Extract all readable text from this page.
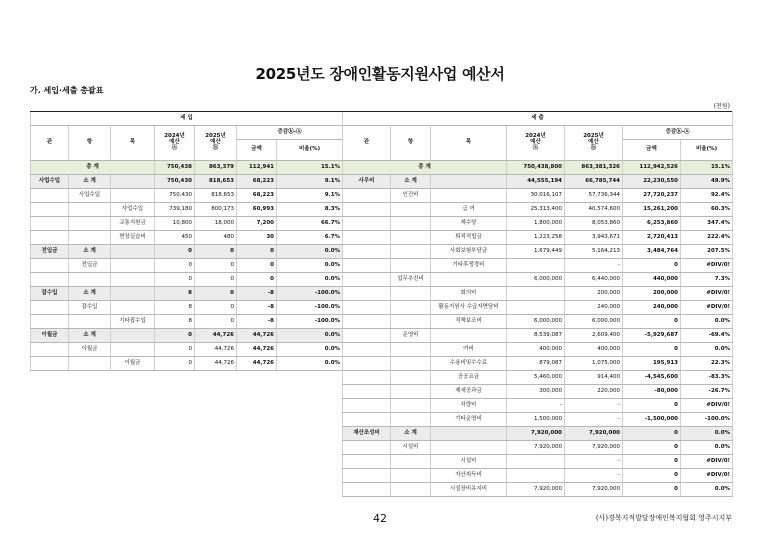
2025년도 장애인활동지원사업 예산서
가. 세입·세출 총괄표
(천원)
세 입						
관	항	목	2024년
예산
ⓐ	2025년
예산
ⓑ	증감ⓑ-ⓐ	
					금액	비율(%)
총 계			750,438	863,379	112,941	15.1%
사업수입	소 계		750,430	818,653	68,223	9.1%
	사업수입		750,430	818,653	68,223	9.1%
		사업수입	739,180	800,173	60,993	8.3%
		교통지원금	10,800	18,000	7,200	66.7%
		현장실습비	450	480	30	6.7%
전입금	소 계		0	0	0	0.0%
	전입금		0	0	0	0.0%
			0	0	0	0.0%
잡수입	소 계		8	0	-8	-100.0%
	잡수입		8	0	-8	-100.0%
		기타잡수입	8	0	-8	-100.0%
이월금	소 계		0	44,726	44,726	0.0%
	이월금		0	44,726	44,726	0.0%
		이월금	0	44,726	44,726	0.0%
세 출						
관	항	목	2024년
예산
ⓐ	2025년
예산
ⓑ	증감ⓑ-ⓐ	
					금액	비율(%)
총 계			750,438,800	863,381,326	112,942,526	15.1%
사무비	소 계		44,555,194	66,785,744	22,230,550	49.9%
	인건비		30,016,107	57,736,344	27,720,237	92.4%
		급 여	25,313,400	40,574,600	15,261,200	60.3%
		제수당	1,800,000	8,053,860	6,253,860	347.4%
		퇴직적립금	1,223,258	3,943,671	2,720,413	222.4%
		사회보험부담금	1,679,449	5,164,213	3,484,764	207.5%
		기타후생경비		-	0	#DIV/0!
	업무추진비		6,000,000	6,440,000	440,000	7.3%
		회의비		200,000	200,000	#DIV/0!
		활동지원사 수급자면담비		240,000	240,000	#DIV/0!
		직책보조비	6,000,000	6,000,000	0	0.0%
	운영비		8,539,087	2,609,400	-5,929,687	-69.4%
		여비	400,000	400,000	0	0.0%
		수용비및수수료	879,087	1,075,000	195,913	22.3%
		공공요금	5,460,000	914,400	-4,545,600	-83.3%
		제세공과금	300,000	220,000	-80,000	-26.7%
		차량비	-	-	0	#DIV/0!
		기타운영비	1,500,000	-	-1,500,000	-100.0%
재산조성비	소 계		7,920,000	7,920,000	0	0.0%
	시설비		7,920,000	7,920,000	0	0.0%
		시설비		-	0	#DIV/0!
		자산취득비		-	0	#DIV/0!
		시설장비유지비	7,920,000	7,920,000	0	0.0%
42	(사)경북지적발달장애인복지협회 영주시지부
